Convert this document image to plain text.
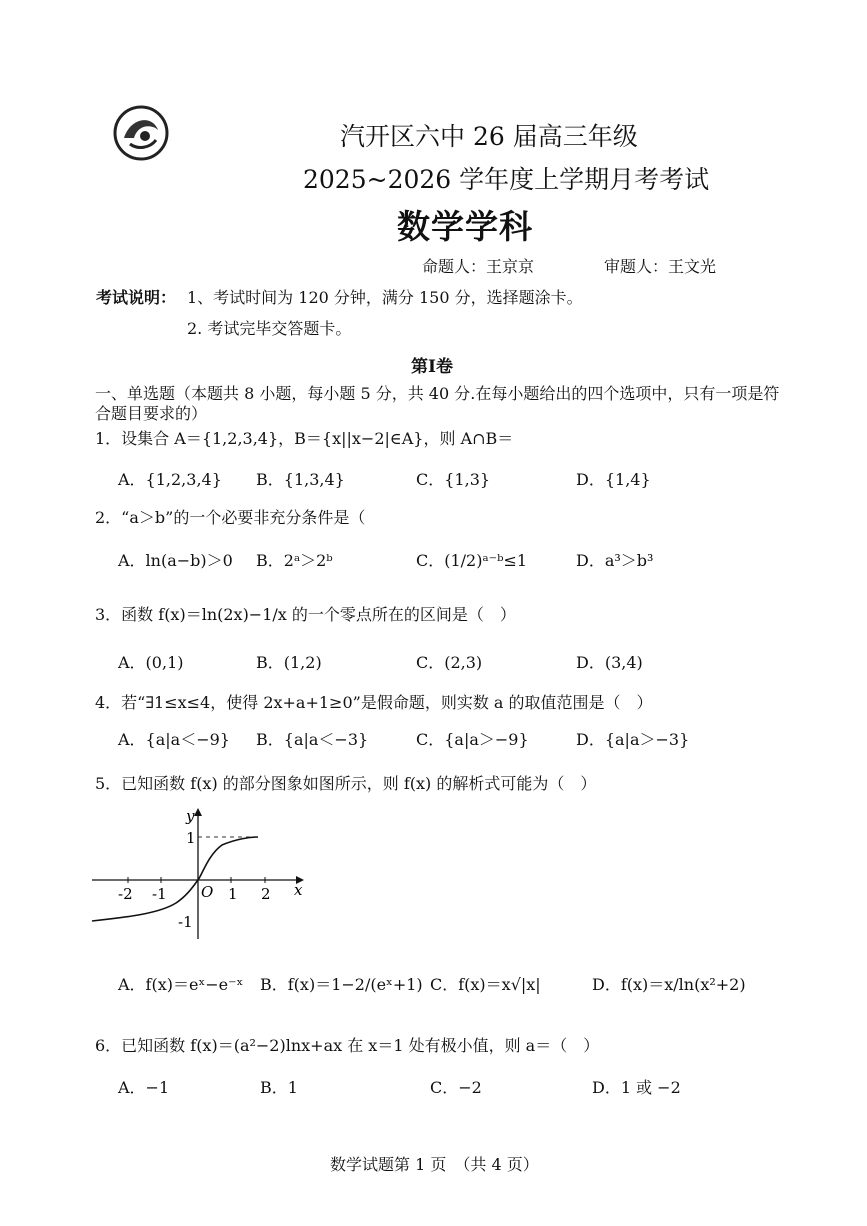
汽开区六中 26 届高三年级
2025~2026 学年度上学期月考考试
数学学科
命题人：王京京	审题人：王文光
考试说明： 1、考试时间为 120 分钟，满分 150 分，选择题涂卡。
2. 考试完毕交答题卡。
第Ⅰ卷
一、单选题（本题共 8 小题，每小题 5 分，共 40 分.在每小题给出的四个选项中，只有一项是符
合题目要求的）
1．设集合 A＝{1,2,3,4}，B＝{x||x−2|∈A}，则 A∩B＝
A．{1,2,3,4} B．{1,3,4}	C．{1,3}	D．{1,4}
2．“a＞b”的一个必要非充分条件是（
A．ln(a−b)＞0 B．2ᵃ＞2ᵇ	C．(1/2)ᵃ⁻ᵇ≤1	D．a³＞b³
3．函数 f(x)＝ln(2x)−1/x 的一个零点所在的区间是（　）
A．(0,1)	B．(1,2)	C．(2,3)	D．(3,4)
4．若“∃1≤x≤4，使得 2x+a+1≥0”是假命题，则实数 a 的取值范围是（　）
A．{a|a＜−9} B．{a|a＜−3}	C．{a|a＞−9}	D．{a|a＞−3}
5．已知函数 f(x) 的部分图象如图所示，则 f(x) 的解析式可能为（　）
y
x
O
-2 -1	1 2
1
-1
A．f(x)＝eˣ−e⁻ˣ B．f(x)＝1−2/(eˣ+1) C．f(x)＝x√|x|	D．f(x)＝x/ln(x²+2)
6．已知函数 f(x)＝(a²−2)lnx+ax 在 x＝1 处有极小值，则 a＝（　）
A．−1	B．1	C．−2	D．1 或 −2
数学试题第 1 页　（共 4 页）
